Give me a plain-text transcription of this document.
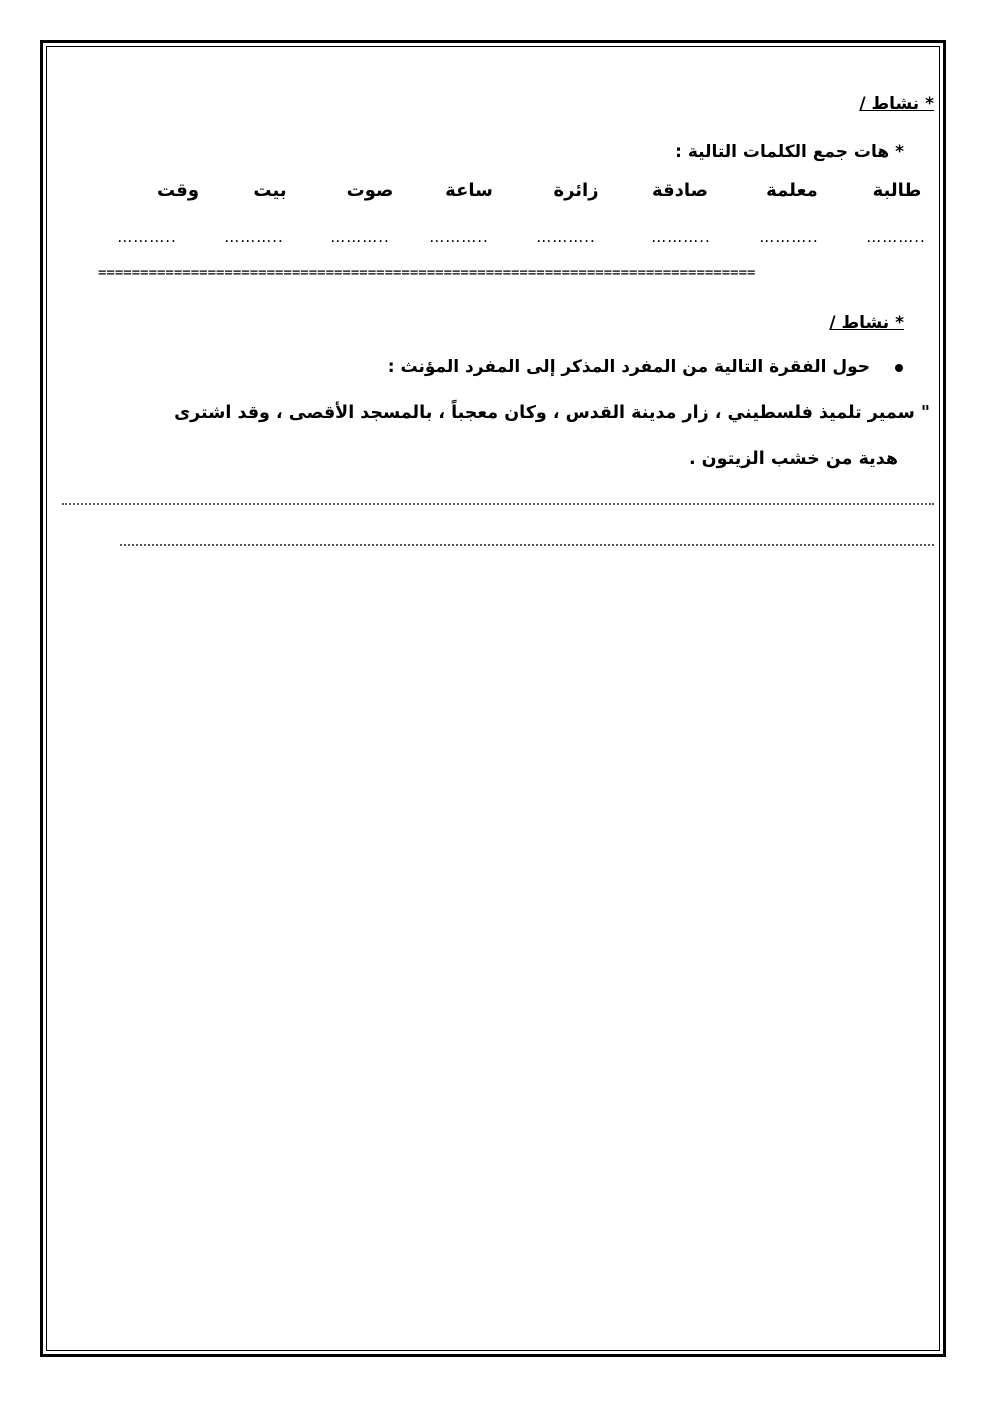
* نشاط /
* هات جمع الكلمات التالية :
طالبة
معلمة
صادقة
زائرة
ساعة
صوت
بيت
وقت
………..
………..
………..
………..
………..
………..
………..
………..
==============================================================================
* نشاط /
حول الفقرة التالية من المفرد المذكر إلى المفرد المؤنث :
" سمير تلميذ فلسطيني ، زار مدينة القدس ، وكان معجباً ، بالمسجد الأقصى ، وقد اشترى
هدية من خشب الزيتون .
